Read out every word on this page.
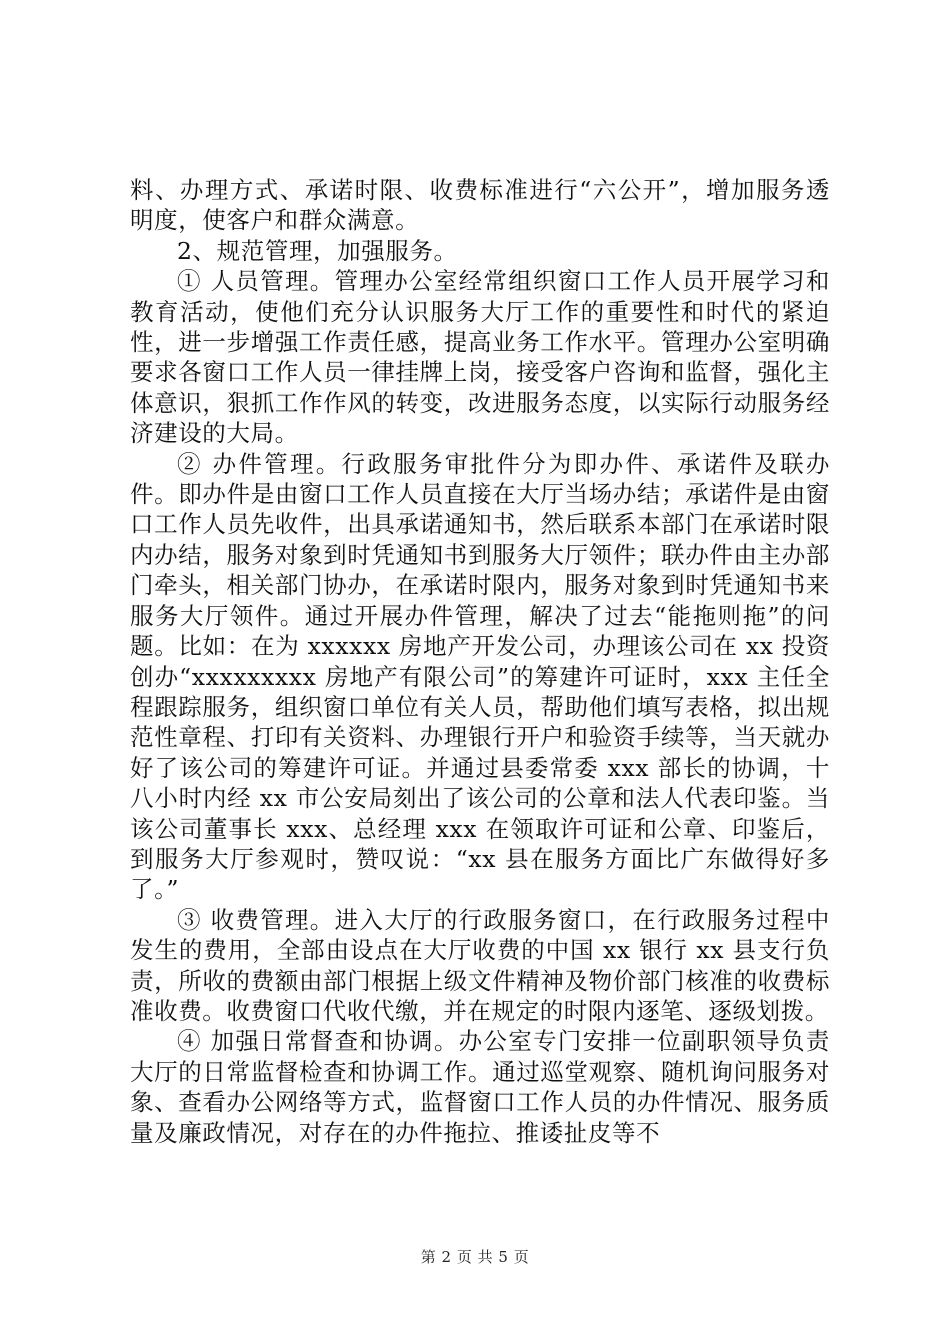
料、办理方式、承诺时限、收费标准进行“六公开”，增加服务透明度，使客户和群众满意。

2、规范管理，加强服务。

① 人员管理。管理办公室经常组织窗口工作人员开展学习和教育活动，使他们充分认识服务大厅工作的重要性和时代的紧迫性，进一步增强工作责任感，提高业务工作水平。管理办公室明确要求各窗口工作人员一律挂牌上岗，接受客户咨询和监督，强化主体意识，狠抓工作作风的转变，改进服务态度，以实际行动服务经济建设的大局。

② 办件管理。行政服务审批件分为即办件、承诺件及联办件。即办件是由窗口工作人员直接在大厅当场办结；承诺件是由窗口工作人员先收件，出具承诺通知书，然后联系本部门在承诺时限内办结，服务对象到时凭通知书到服务大厅领件；联办件由主办部门牵头，相关部门协办，在承诺时限内，服务对象到时凭通知书来服务大厅领件。通过开展办件管理，解决了过去“能拖则拖”的问题。比如：在为 xxxxxx 房地产开发公司，办理该公司在 xx 投资创办“xxxxxxxxx 房地产有限公司”的筹建许可证时，xxx 主任全程跟踪服务，组织窗口单位有关人员，帮助他们填写表格，拟出规范性章程、打印有关资料、办理银行开户和验资手续等，当天就办好了该公司的筹建许可证。并通过县委常委 xxx 部长的协调，十八小时内经 xx 市公安局刻出了该公司的公章和法人代表印鉴。当该公司董事长 xxx、总经理 xxx 在领取许可证和公章、印鉴后，到服务大厅参观时，赞叹说：“xx 县在服务方面比广东做得好多了。”

③ 收费管理。进入大厅的行政服务窗口，在行政服务过程中发生的费用，全部由设点在大厅收费的中国 xx 银行 xx 县支行负责，所收的费额由部门根据上级文件精神及物价部门核准的收费标准收费。收费窗口代收代缴，并在规定的时限内逐笔、逐级划拨。

④ 加强日常督查和协调。办公室专门安排一位副职领导负责大厅的日常监督检查和协调工作。通过巡堂观察、随机询问服务对象、查看办公网络等方式，监督窗口工作人员的办件情况、服务质量及廉政情况，对存在的办件拖拉、推诿扯皮等不

第 2 页 共 5 页
